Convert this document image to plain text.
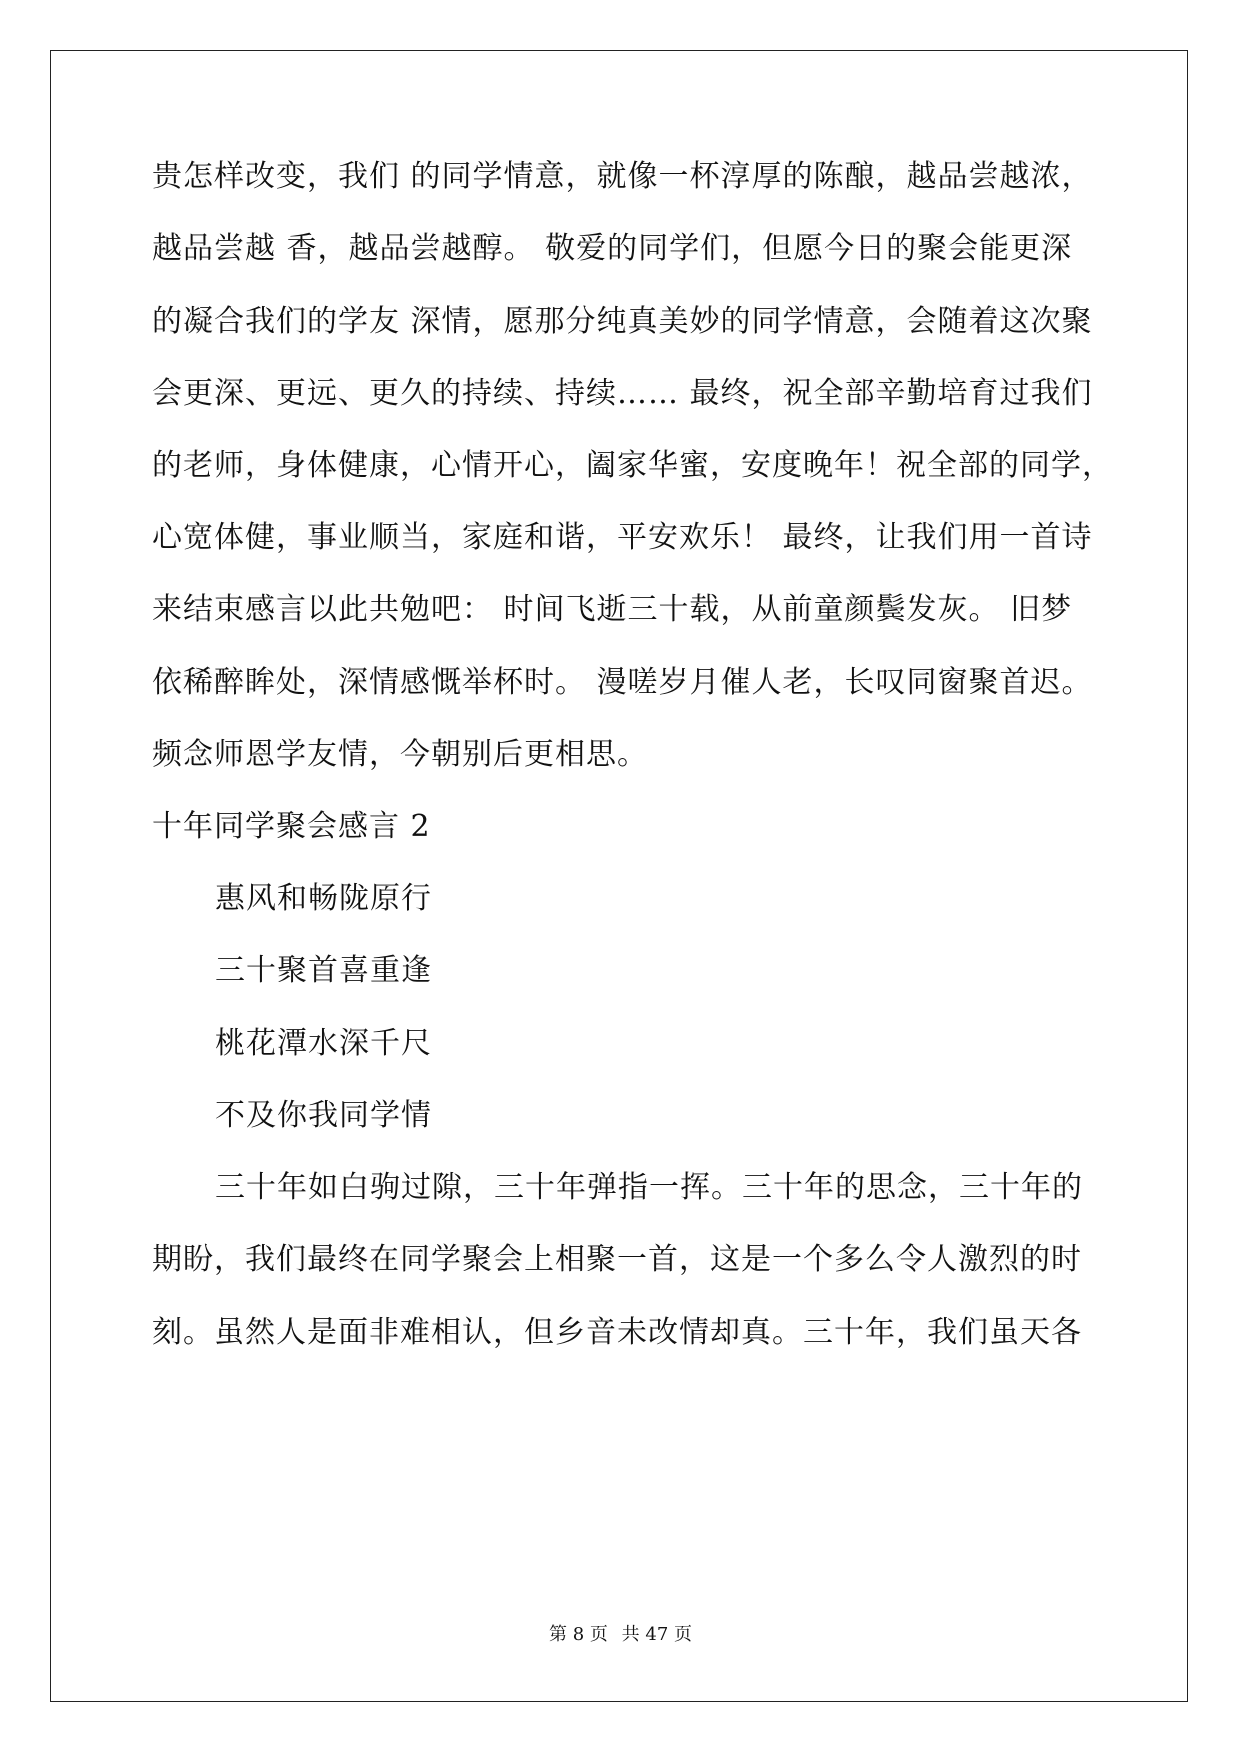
贵怎样改变，我们 的同学情意，就像一杯淳厚的陈酿，越品尝越浓，
越品尝越 香，越品尝越醇。 敬爱的同学们，但愿今日的聚会能更深
的凝合我们的学友 深情，愿那分纯真美妙的同学情意，会随着这次聚
会更深、更远、更久的持续、持续…… 最终，祝全部辛勤培育过我们
的老师，身体健康，心情开心，阖家华蜜，安度晚年！祝全部的同学，
心宽体健，事业顺当，家庭和谐，平安欢乐！ 最终，让我们用一首诗
来结束感言以此共勉吧： 时间飞逝三十载，从前童颜鬓发灰。 旧梦
依稀醉眸处，深情感慨举杯时。 漫嗟岁月催人老，长叹同窗聚首迟。
频念师恩学友情，今朝别后更相思。
十年同学聚会感言 2
惠风和畅陇原行
三十聚首喜重逢
桃花潭水深千尺
不及你我同学情
三十年如白驹过隙，三十年弹指一挥。三十年的思念，三十年的
期盼，我们最终在同学聚会上相聚一首，这是一个多么令人激烈的时
刻。虽然人是面非难相认，但乡音未改情却真。三十年，我们虽天各
第 8 页 共 47 页
